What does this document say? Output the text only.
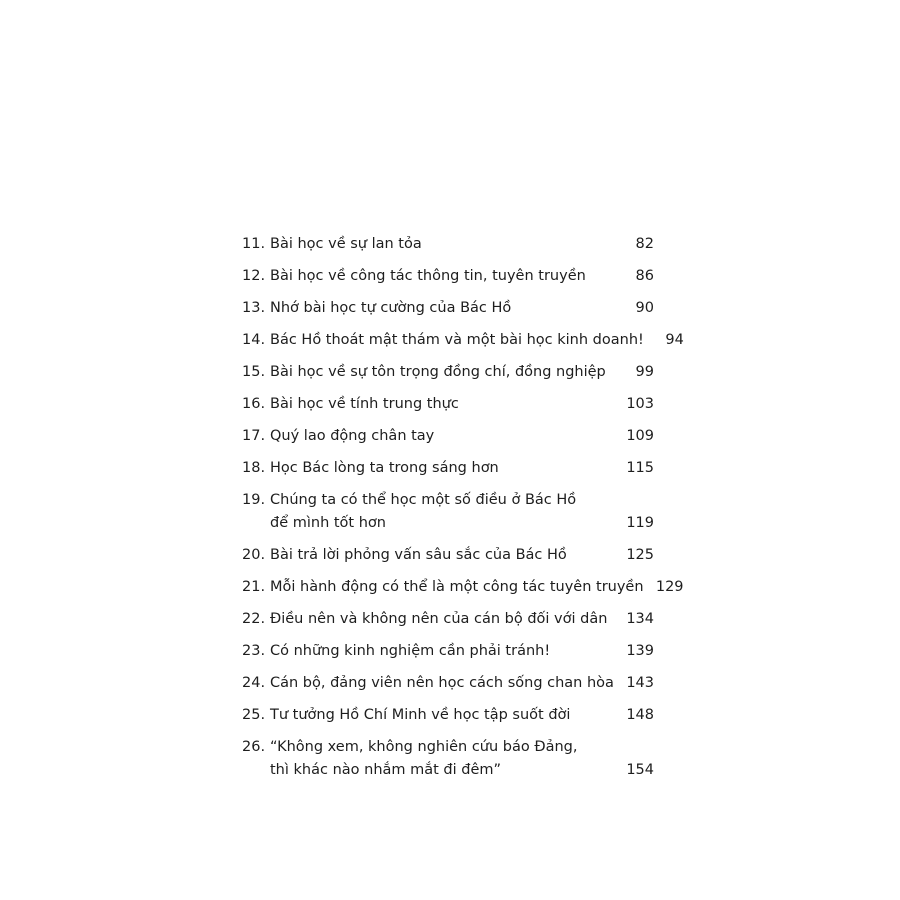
11. Bài học về sự lan tỏa	82
12. Bài học về công tác thông tin, tuyên truyền	86
13. Nhớ bài học tự cường của Bác Hồ	90
14. Bác Hồ thoát mật thám và một bài học kinh doanh!	94
15. Bài học về sự tôn trọng đồng chí, đồng nghiệp	99
16. Bài học về tính trung thực	103
17. Quý lao động chân tay	109
18. Học Bác lòng ta trong sáng hơn	115
19. Chúng ta có thể học một số điều ở Bác Hồ
để mình tốt hơn	119
20. Bài trả lời phỏng vấn sâu sắc của Bác Hồ	125
21. Mỗi hành động có thể là một công tác tuyên truyền 129
22. Điều nên và không nên của cán bộ đối với dân	134
23. Có những kinh nghiệm cần phải tránh!	139
24. Cán bộ, đảng viên nên học cách sống chan hòa 143
25. Tư tưởng Hồ Chí Minh về học tập suốt đời	148
26. “Không xem, không nghiên cứu báo Đảng,
thì khác nào nhắm mắt đi đêm”	154
